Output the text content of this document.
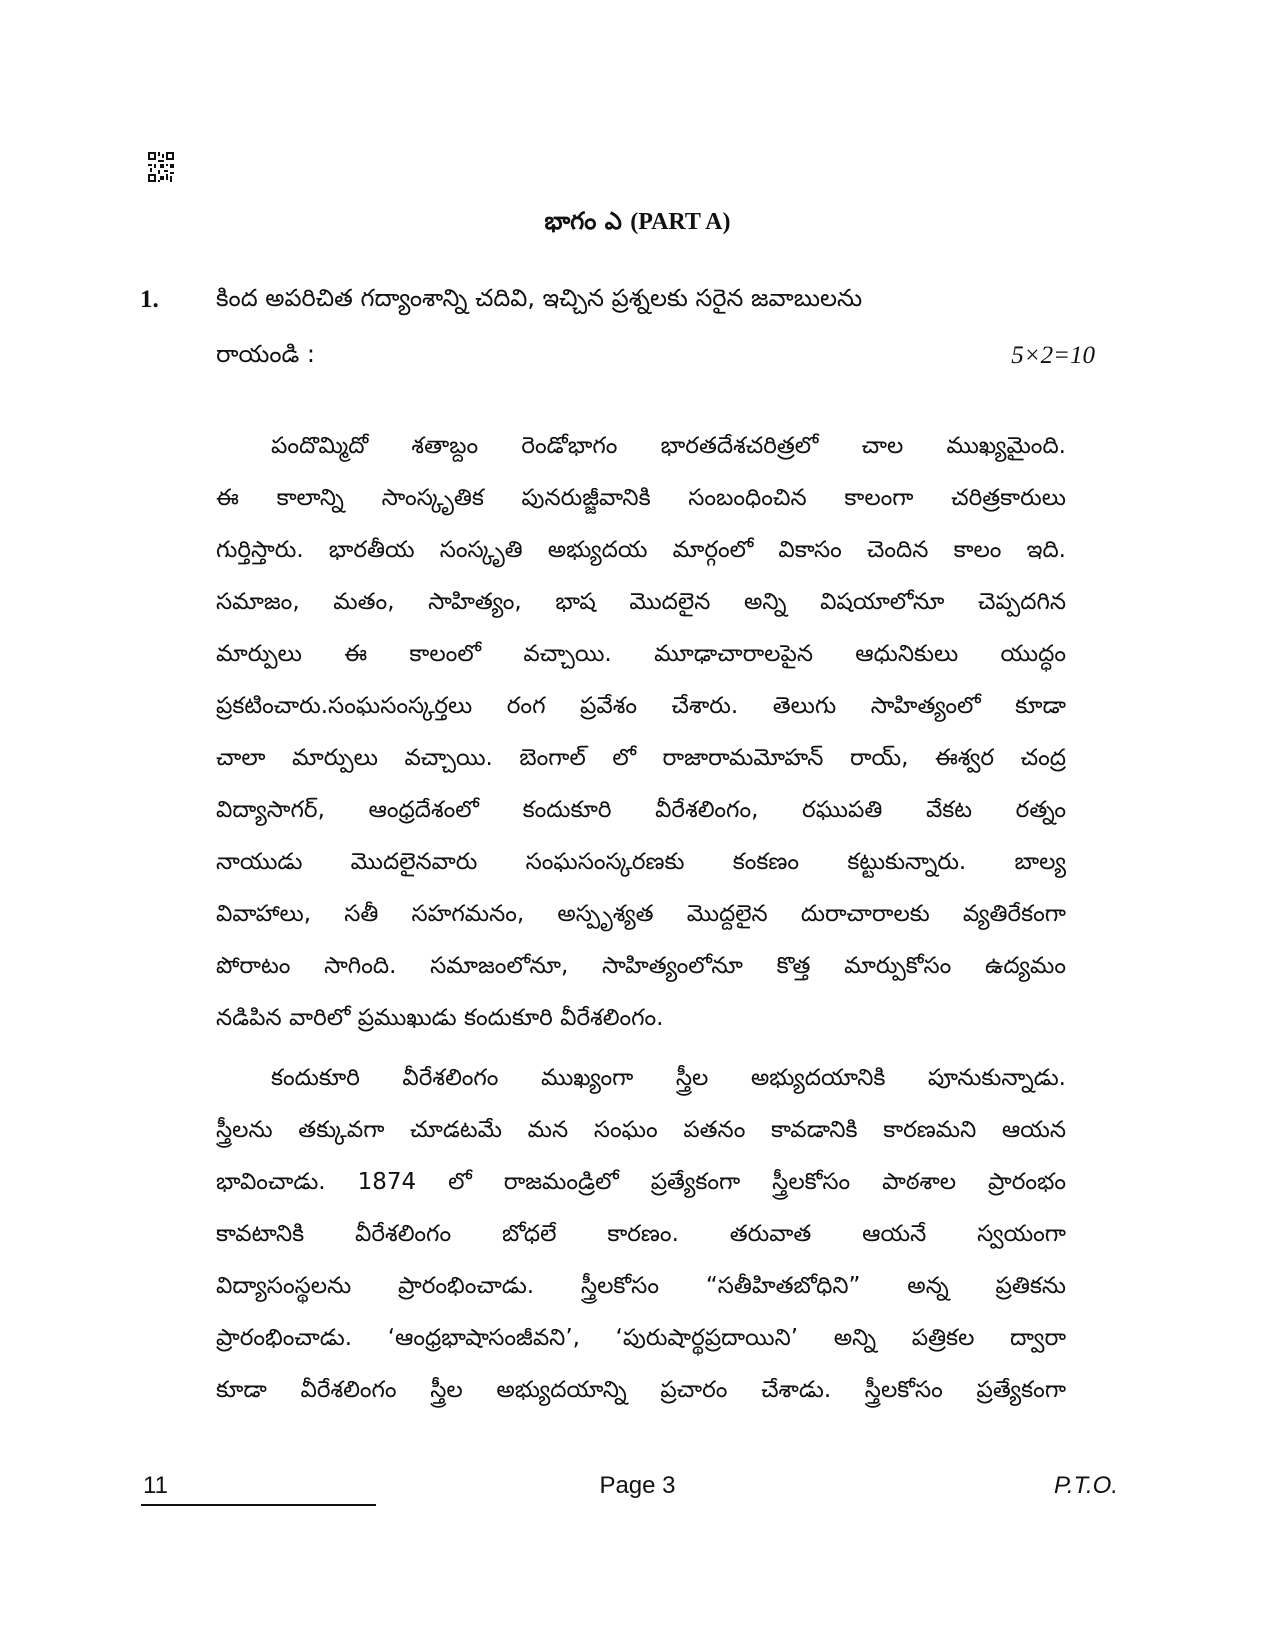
భాగం ఎ (PART A)
1. కింద అపరిచిత గద్యాంశాన్ని చదివి, ఇచ్చిన ప్రశ్నలకు సరైన జవాబులను
రాయండి :	5×2=10

పందొమ్మిదో శతాబ్దం రెండోభాగం భారతదేశచరిత్రలో చాల ముఖ్యమైంది.

ఈ కాలాన్ని సాంస్కృతిక పునరుజ్జీవానికి సంబంధించిన కాలంగా చరిత్రకారులు

గుర్తిస్తారు. భారతీయ సంస్కృతి అభ్యుదయ మార్గంలో వికాసం చెందిన కాలం ఇది.

సమాజం, మతం, సాహిత్యం, భాష మొదలైన అన్ని విషయాలోనూ చెప్పదగిన

మార్పులు ఈ కాలంలో వచ్చాయి. మూఢాచారాలపైన ఆధునికులు యుద్ధం

ప్రకటించారు.సంఘసంస్కర్తలు రంగ ప్రవేశం చేశారు. తెలుగు సాహిత్యంలో కూడా

చాలా మార్పులు వచ్చాయి. బెంగాల్ లో రాజారామమోహన్ రాయ్, ఈశ్వర చంద్ర

విద్యాసాగర్, ఆంధ్రదేశంలో కందుకూరి వీరేశలింగం, రఘుపతి వేకట రత్నం

నాయుడు మొదలైనవారు సంఘసంస్కరణకు కంకణం కట్టుకున్నారు. బాల్య

వివాహాలు, సతీ సహగమనం, అస్పృశ్యత మొద్దలైన దురాచారాలకు వ్యతిరేకంగా

పోరాటం సాగింది. సమాజంలోనూ, సాహిత్యంలోనూ కొత్త మార్పుకోసం ఉద్యమం

నడిపిన వారిలో ప్రముఖుడు కందుకూరి వీరేశలింగం.

కందుకూరి వీరేశలింగం ముఖ్యంగా స్త్రీల అభ్యుదయానికి పూనుకున్నాడు.

స్త్రీలను తక్కువగా చూడటమే మన సంఘం పతనం కావడానికి కారణమని ఆయన

భావించాడు. 1874 లో రాజమండ్రిలో ప్రత్యేకంగా స్త్రీలకోసం పాఠశాల ప్రారంభం

కావటానికి వీరేశలింగం బోధలే కారణం. తరువాత ఆయనే స్వయంగా

విద్యాసంస్థలను ప్రారంభించాడు. స్త్రీలకోసం “సతీహితబోధిని” అన్న ప్రతికను

ప్రారంభించాడు. ‘ఆంధ్రభాషాసంజీవని’, ‘పురుషార్థప్రదాయిని’ అన్ని పత్రికల ద్వారా

కూడా వీరేశలింగం స్త్రీల అభ్యుదయాన్ని ప్రచారం చేశాడు. స్త్రీలకోసం ప్రత్యేకంగా

11	Page 3	P.T.O.
